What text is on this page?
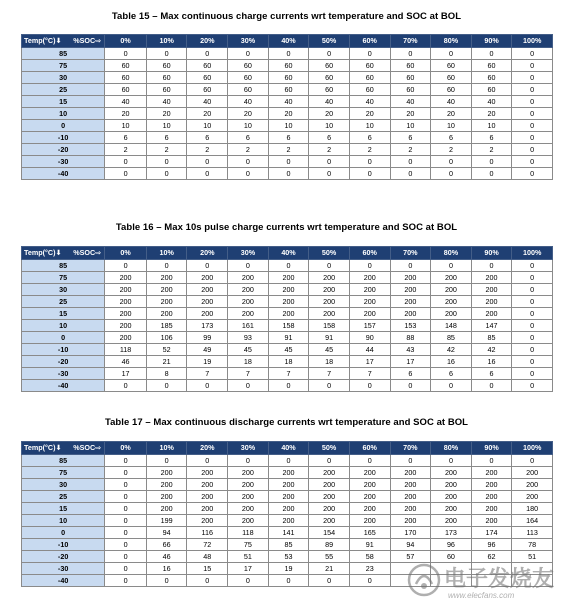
Table 15 – Max continuous charge currents wrt temperature and SOC at BOL
Temp(°C)⬇ %SOC⇨	0%	10%	20%	30%	40%	50%	60%	70%	80%	90%	100%
85	0	0	0	0	0	0	0	0	0	0	0
75	60	60	60	60	60	60	60	60	60	60	0
30	60	60	60	60	60	60	60	60	60	60	0
25	60	60	60	60	60	60	60	60	60	60	0
15	40	40	40	40	40	40	40	40	40	40	0
10	20	20	20	20	20	20	20	20	20	20	0
0	10	10	10	10	10	10	10	10	10	10	0
-10	6	6	6	6	6	6	6	6	6	6	0
-20	2	2	2	2	2	2	2	2	2	2	0
-30	0	0	0	0	0	0	0	0	0	0	0
-40	0	0	0	0	0	0	0	0	0	0	0
Table 16 – Max 10s pulse charge currents wrt temperature and SOC at BOL
Temp(°C)⬇ %SOC⇨	0%	10%	20%	30%	40%	50%	60%	70%	80%	90%	100%
85	0	0	0	0	0	0	0	0	0	0	0
75	200	200	200	200	200	200	200	200	200	200	0
30	200	200	200	200	200	200	200	200	200	200	0
25	200	200	200	200	200	200	200	200	200	200	0
15	200	200	200	200	200	200	200	200	200	200	0
10	200	185	173	161	158	158	157	153	148	147	0
0	200	106	99	93	91	91	90	88	85	85	0
-10	118	52	49	45	45	45	44	43	42	42	0
-20	46	21	19	18	18	18	17	17	16	16	0
-30	17	8	7	7	7	7	7	6	6	6	0
-40	0	0	0	0	0	0	0	0	0	0	0
Table 17 – Max continuous discharge currents wrt temperature and SOC at BOL
Temp(°C)⬇ %SOC⇨	0%	10%	20%	30%	40%	50%	60%	70%	80%	90%	100%
85	0	0	0	0	0	0	0	0	0	0	0
75	0	200	200	200	200	200	200	200	200	200	200
30	0	200	200	200	200	200	200	200	200	200	200
25	0	200	200	200	200	200	200	200	200	200	200
15	0	200	200	200	200	200	200	200	200	200	180
10	0	199	200	200	200	200	200	200	200	200	164
0	0	94	116	118	141	154	165	170	173	174	113
-10	0	66	72	75	85	89	91	94	96	96	78
-20	0	46	48	51	53	55	58	57	60	62	51
-30	0	16	15	17	19	21	23				
-40	0	0	0	0	0	0	0					电子发烧友
www.elecfans.com
